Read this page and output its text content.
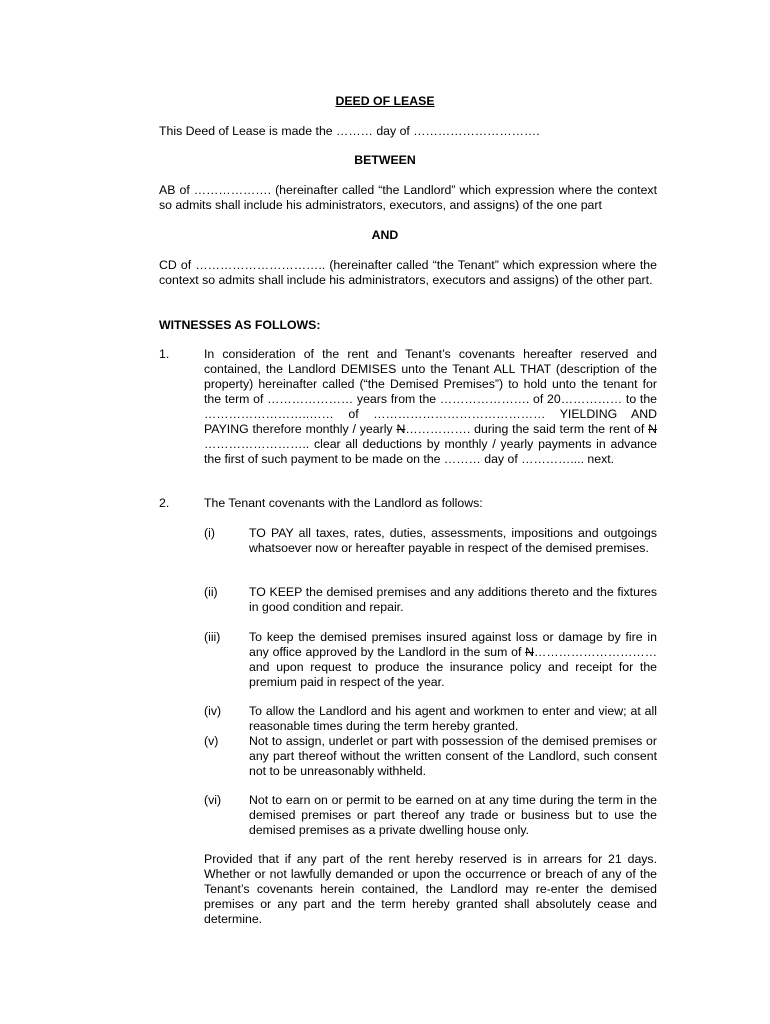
DEED OF LEASE
This Deed of Lease is made the ……… day of ………………………….
BETWEEN
AB of ………………. (hereinafter called “the Landlord” which expression where the context so admits shall include his administrators, executors, and assigns) of the one part
AND
CD of ………………………….. (hereinafter called “the Tenant” which expression where the context so admits shall include his administrators, executors and assigns) of the other part.
WITNESSES AS FOLLOWS:
1.	In consideration of the rent and Tenant’s covenants hereafter reserved and contained, the Landlord DEMISES unto the Tenant ALL THAT (description of the property) hereinafter called (“the Demised Premises”) to hold unto the tenant for the term of ………………… years from the …………………. of 20…………… to the ……………………..…… of …………………………………… YIELDING AND PAYING therefore monthly / yearly N……………. during the said term the rent of N …………………….. clear all deductions by monthly / yearly payments in advance the first of such payment to be made on the ……… day of ………….... next.
2.	The Tenant covenants with the Landlord as follows:
(i)	TO PAY all taxes, rates, duties, assessments, impositions and outgoings whatsoever now or hereafter payable in respect of the demised premises.
(ii)	TO KEEP the demised premises and any additions thereto and the fixtures in good condition and repair.
(iii) To keep the demised premises insured against loss or damage by fire in any office approved by the Landlord in the sum of N………………………… and upon request to produce the insurance policy and receipt for the premium paid in respect of the year.
(iv) To allow the Landlord and his agent and workmen to enter and view; at all reasonable times during the term hereby granted.
(v) Not to assign, underlet or part with possession of the demised premises or any part thereof without the written consent of the Landlord, such consent not to be unreasonably withheld.
(vi) Not to earn on or permit to be earned on at any time during the term in the demised premises or part thereof any trade or business but to use the demised premises as a private dwelling house only.
Provided that if any part of the rent hereby reserved is in arrears for 21 days. Whether or not lawfully demanded or upon the occurrence or breach of any of the Tenant’s covenants herein contained, the Landlord may re-enter the demised premises or any part and the term hereby granted shall absolutely cease and determine.
